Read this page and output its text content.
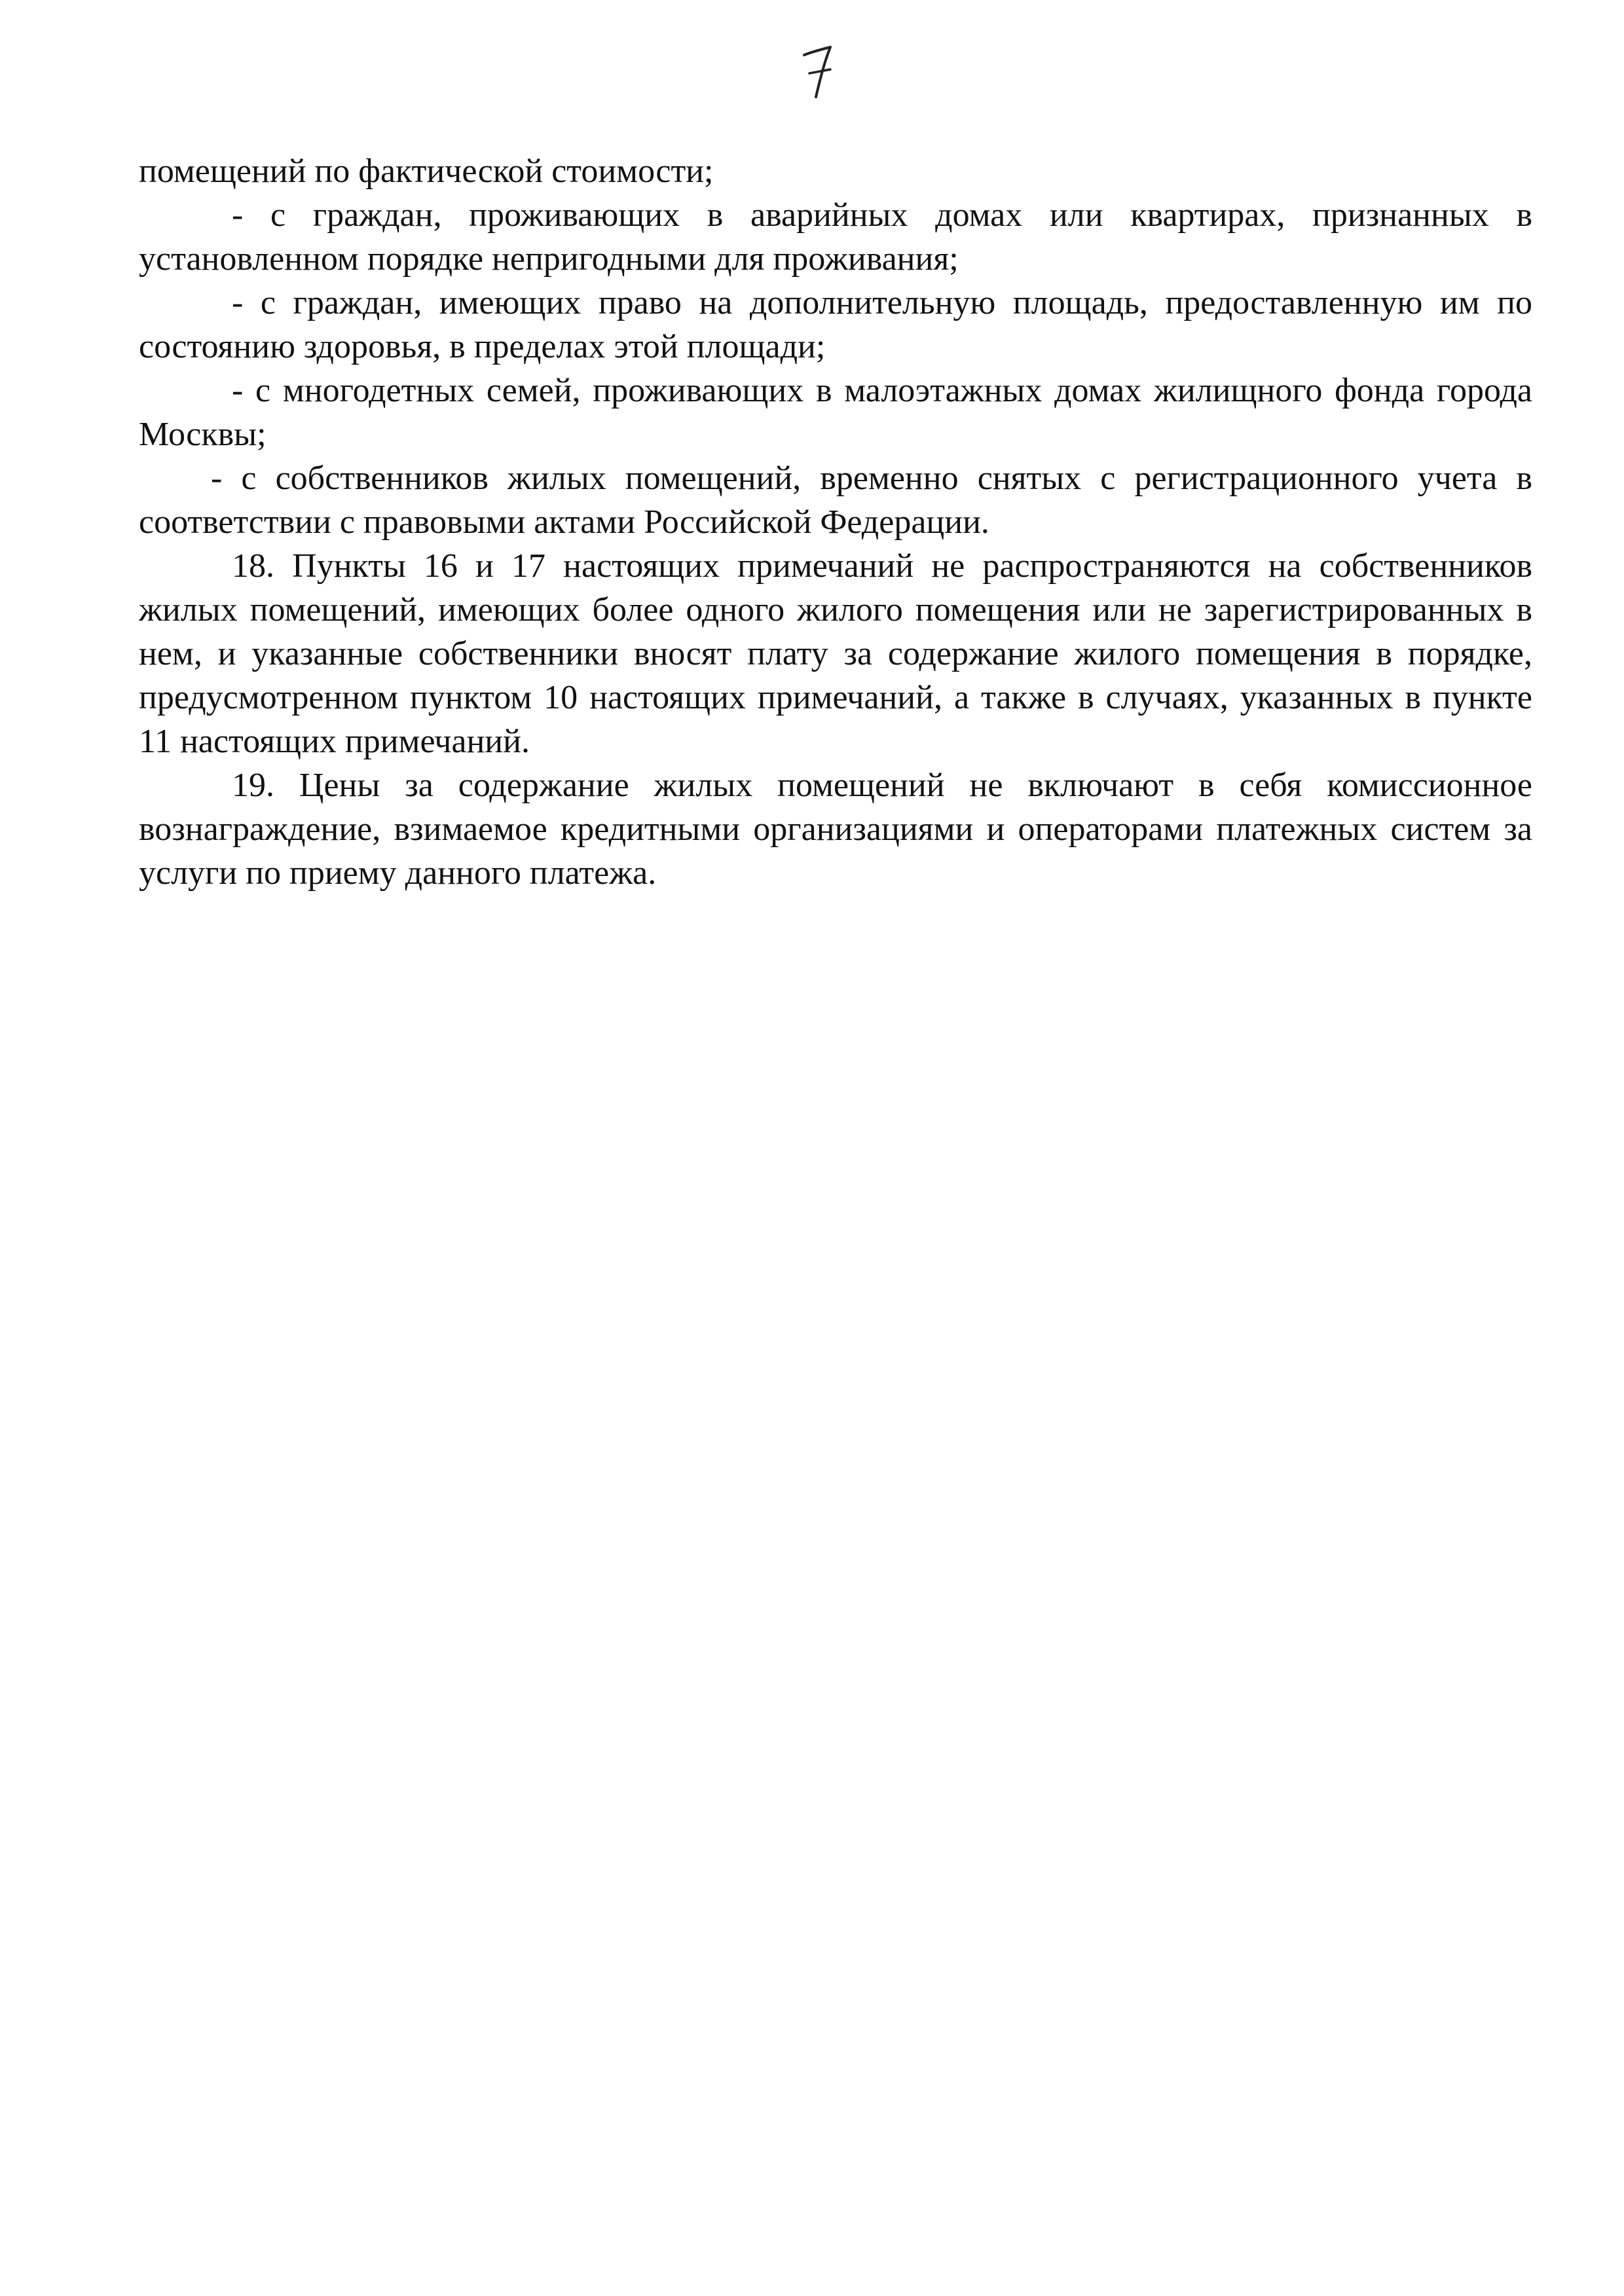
помещений по фактической стоимости;

- с граждан, проживающих в аварийных домах или квартирах, признанных в установленном порядке непригодными для проживания;

- с граждан, имеющих право на дополнительную площадь, предоставленную им по состоянию здоровья, в пределах этой площади;

- с многодетных семей, проживающих в малоэтажных домах жилищного фонда города Москвы;

- с собственников жилых помещений, временно снятых с регистрационного учета в соответствии с правовыми актами Российской Федерации.

18. Пункты 16 и 17 настоящих примечаний не распространяются на собственников жилых помещений, имеющих более одного жилого помещения или не зарегистрированных в нем, и указанные собственники вносят плату за содержание жилого помещения в порядке, предусмотренном пунктом 10 настоящих примечаний, а также в случаях, указанных в пункте 11 настоящих примечаний.

19. Цены за содержание жилых помещений не включают в себя комиссионное вознаграждение, взимаемое кредитными организациями и операторами платежных систем за услуги по приему данного платежа.
